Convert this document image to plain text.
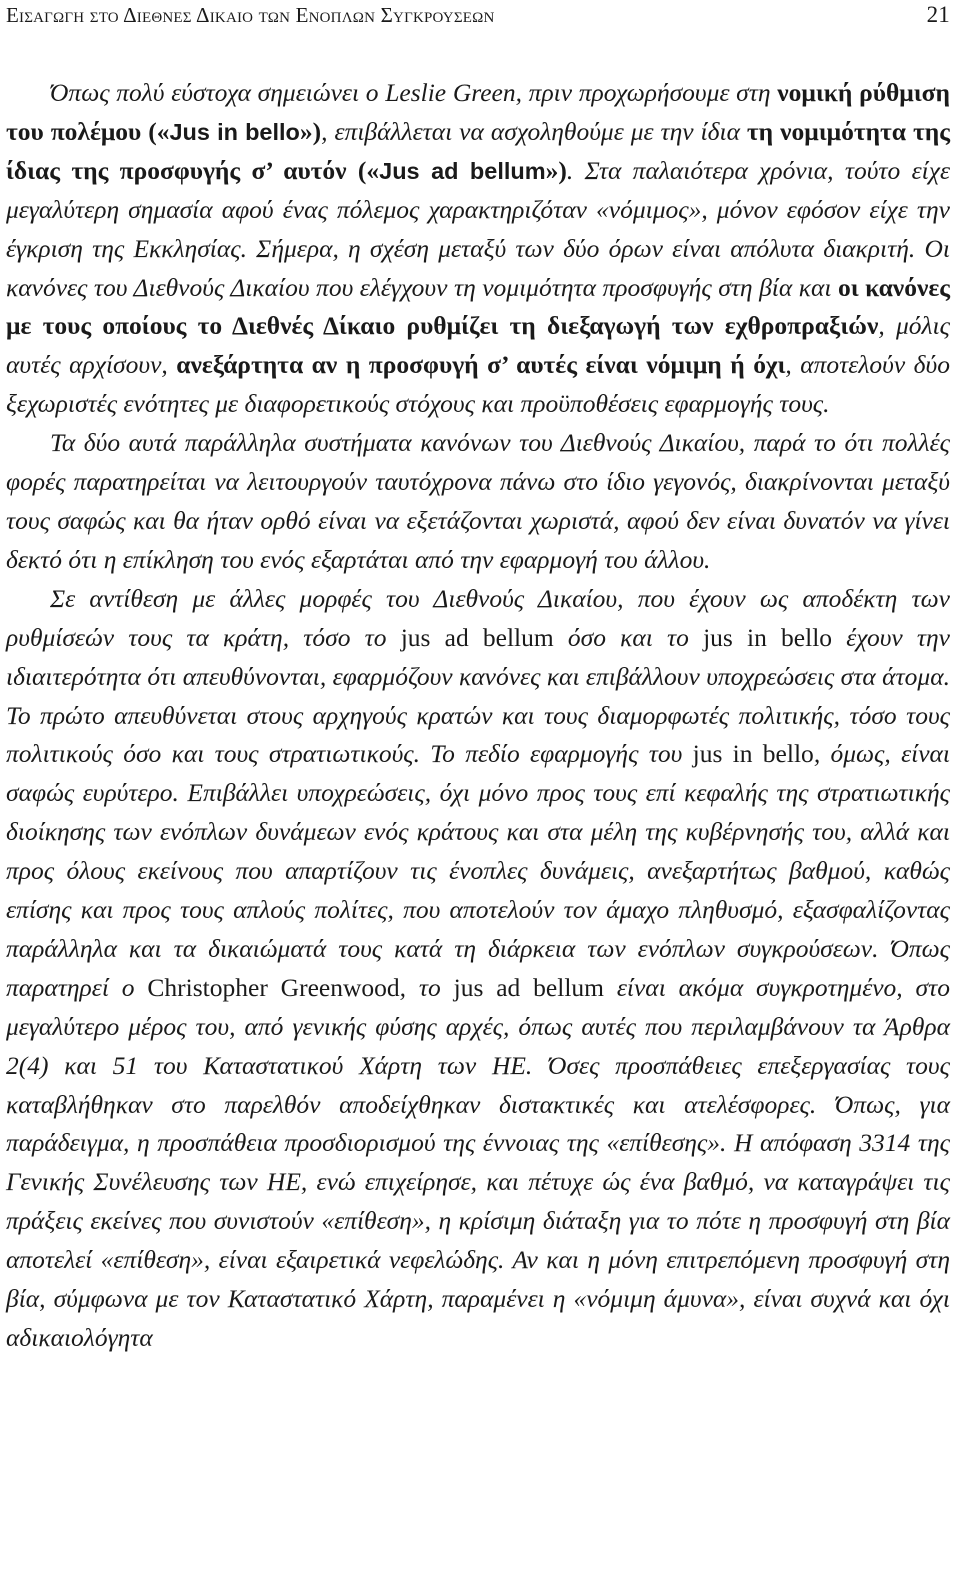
Εισαγωγη στο Διεθνες Δικαιο των Ενοπλων Συγκρουσεων	21

Όπως πολύ εύστοχα σημειώνει ο Leslie Green, πριν προχωρήσουμε στη νομική ρύθμιση του πολέμου («Jus in bello»), επιβάλλεται να ασχοληθούμε με την ίδια τη νομιμότητα της ίδιας της προσφυγής σ’ αυτόν («Jus ad bellum»). Στα παλαιότερα χρόνια, τούτο είχε μεγαλύτερη σημασία αφού ένας πόλεμος χαρακτηριζόταν «νόμιμος», μόνον εφόσον είχε την έγκριση της Εκκλησίας. Σήμερα, η σχέση μεταξύ των δύο όρων είναι απόλυτα διακριτή. Οι κανόνες του Διεθνούς Δικαίου που ελέγχουν τη νομιμότητα προσφυγής στη βία και οι κανόνες με τους οποίους το Διεθνές Δίκαιο ρυθμίζει τη διεξαγωγή των εχθροπραξιών, μόλις αυτές αρχίσουν, ανεξάρτητα αν η προσφυγή σ’ αυτές είναι νόμιμη ή όχι, αποτελούν δύο ξεχωριστές ενότητες με διαφορετικούς στόχους και προϋποθέσεις εφαρμογής τους.

Τα δύο αυτά παράλληλα συστήματα κανόνων του Διεθνούς Δικαίου, παρά το ότι πολλές φορές παρατηρείται να λειτουργούν ταυτόχρονα πάνω στο ίδιο γεγονός, διακρίνονται μεταξύ τους σαφώς και θα ήταν ορθό είναι να εξετάζονται χωριστά, αφού δεν είναι δυνατόν να γίνει δεκτό ότι η επίκληση του ενός εξαρτάται από την εφαρμογή του άλλου.

Σε αντίθεση με άλλες μορφές του Διεθνούς Δικαίου, που έχουν ως αποδέκτη των ρυθμίσεών τους τα κράτη, τόσο το jus ad bellum όσο και το jus in bello έχουν την ιδιαιτερότητα ότι απευθύνονται, εφαρμόζουν κανόνες και επιβάλλουν υποχρεώσεις στα άτομα. Το πρώτο απευθύνεται στους αρχηγούς κρατών και τους διαμορφωτές πολιτικής, τόσο τους πολιτικούς όσο και τους στρατιωτικούς. Το πεδίο εφαρμογής του jus in bello, όμως, είναι σαφώς ευρύτερο. Επιβάλλει υποχρεώσεις, όχι μόνο προς τους επί κεφαλής της στρατιωτικής διοίκησης των ενόπλων δυνάμεων ενός κράτους και στα μέλη της κυβέρνησής του, αλλά και προς όλους εκείνους που απαρτίζουν τις ένοπλες δυνάμεις, ανεξαρτήτως βαθμού, καθώς επίσης και προς τους απλούς πολίτες, που αποτελούν τον άμαχο πληθυσμό, εξασφαλίζοντας παράλληλα και τα δικαιώματά τους κατά τη διάρκεια των ενόπλων συγκρούσεων. Όπως παρατηρεί ο Christopher Greenwood, το jus ad bellum είναι ακόμα συγκροτημένο, στο μεγαλύτερο μέρος του, από γενικής φύσης αρχές, όπως αυτές που περιλαμβάνουν τα Άρθρα 2(4) και 51 του Καταστατικού Χάρτη των ΗΕ. Όσες προσπάθειες επεξεργασίας τους καταβλήθηκαν στο παρελθόν αποδείχθηκαν διστακτικές και ατελέσφορες. Όπως, για παράδειγμα, η προσπάθεια προσδιορισμού της έννοιας της «επίθεσης». Η απόφαση 3314 της Γενικής Συνέλευσης των ΗΕ, ενώ επιχείρησε, και πέτυχε ώς ένα βαθμό, να καταγράψει τις πράξεις εκείνες που συνιστούν «επίθεση», η κρίσιμη διάταξη για το πότε η προσφυγή στη βία αποτελεί «επίθεση», είναι εξαιρετικά νεφελώδης. Αν και η μόνη επιτρεπόμενη προσφυγή στη βία, σύμφωνα με τον Καταστατικό Χάρτη, παραμένει η «νόμιμη άμυνα», είναι συχνά και όχι αδικαιολόγητα
